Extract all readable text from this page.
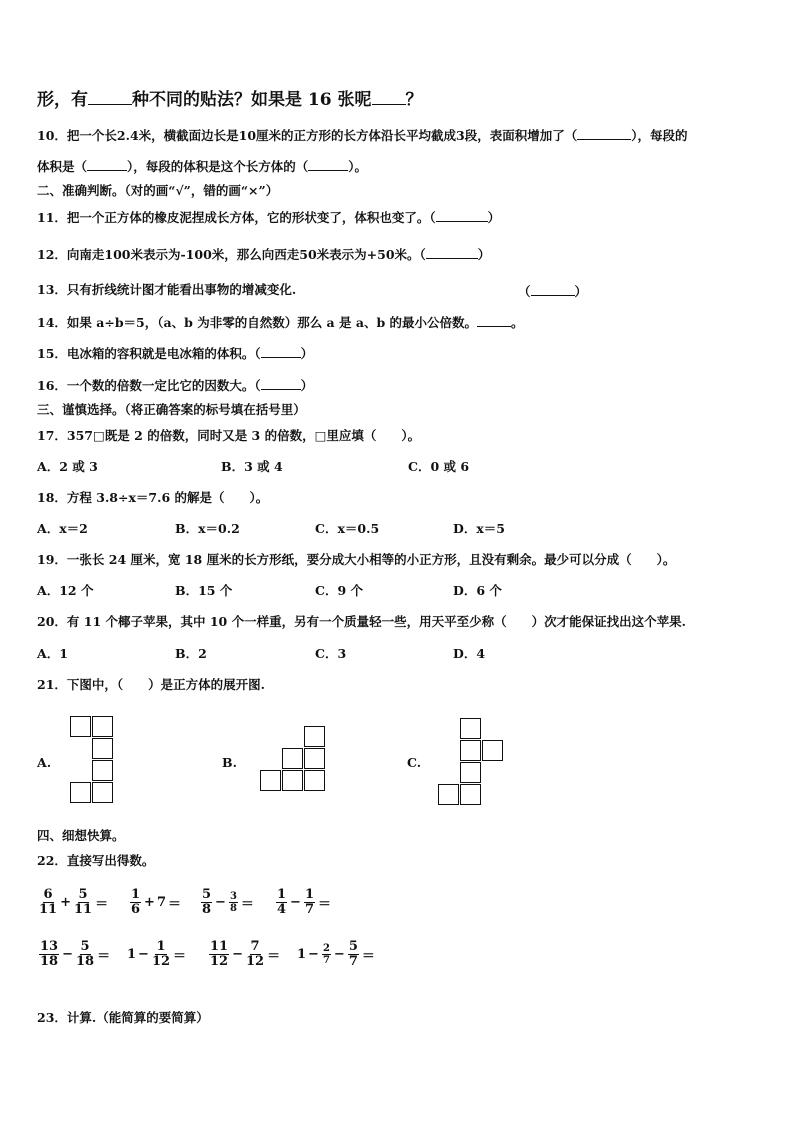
形，有	种不同的贴法？如果是 16 张呢 ？
10．把一个长2.4米，横截面边长是10厘米的正方形的长方体沿长平均截成3段，表面积增加了（	），每段的
体积是（	），每段的体积是这个长方体的（	）。
二、准确判断。（对的画“√”，错的画“×”）
11．把一个正方体的橡皮泥捏成长方体，它的形状变了，体积也变了。（	）
12．向南走100米表示为-100米，那么向西走50米表示为+50米。（	）
13．只有折线统计图才能看出事物的增减变化.	（	）
14．如果 a÷b＝5，（a、b 为非零的自然数）那么 a 是 a、b 的最小公倍数。	。
15．电冰箱的容积就是电冰箱的体积。（	）
16．一个数的倍数一定比它的因数大。（	）
三、谨慎选择。（将正确答案的标号填在括号里）
17．357□既是 2 的倍数，同时又是 3 的倍数，□里应填（　　）。
A．2 或 3	B．3 或 4	C．0 或 6
18．方程 3.8÷x＝7.6 的解是（　　）。
A．x＝2	B．x＝0.2	C．x＝0.5	D．x＝5
19．一张长 24 厘米，宽 18 厘米的长方形纸，要分成大小相等的小正方形，且没有剩余。最少可以分成（　　）。
A．12 个	B．15 个	C．9 个	D．6 个
20．有 11 个椰子苹果，其中 10 个一样重，另有一个质量轻一些，用天平至少称（　　）次才能保证找出这个苹果.
A．1	B．2	C．3	D．4
21．下图中，（　　）是正方体的展开图.
A.	B.	C.
四、细想快算。
22．直接写出得数。
$\frac{6}{11} + \frac{5}{11} = \frac{1}{6} + 7 = \frac{5}{8} - \frac{3}{8} = \frac{1}{4} - \frac{1}{7}$ ＝
$\frac{13}{18} - \frac{5}{18} = 1 - \frac{1}{12} = \frac{11}{12} - \frac{7}{12} = 1 - \frac{2}{7} - \frac{5}{7}$ ＝
23．计算.（能简算的要简算）
